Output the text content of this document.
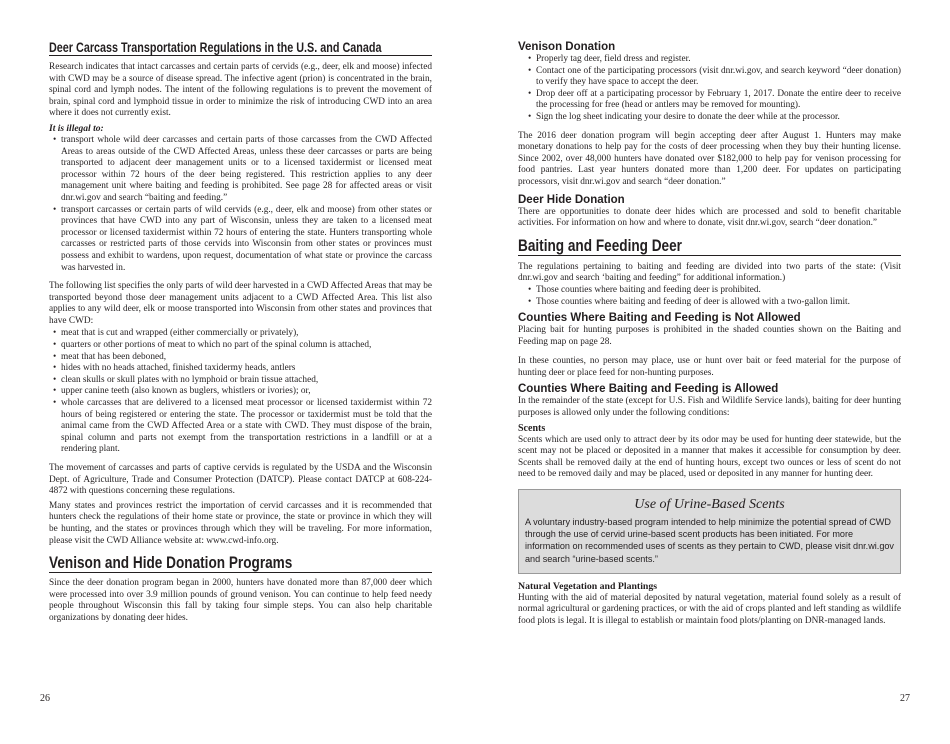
Deer Carcass Transportation Regulations in the U.S. and Canada

Research indicates that intact carcasses and certain parts of cervids (e.g., deer, elk and moose) infected with CWD may be a source of disease spread. The infective agent (prion) is concentrated in the brain, spinal cord and lymph nodes. The intent of the following regulations is to prevent the movement of brain, spinal cord and lymphoid tissue in order to minimize the risk of introducing CWD into an area where it does not currently exist.

It is illegal to:
• transport whole wild deer carcasses and certain parts of those carcasses from the CWD Affected Areas to areas outside of the CWD Affected Areas, unless these deer carcasses or parts are being transported to adjacent deer management units or to a licensed taxidermist or licensed meat processor within 72 hours of the deer being registered. This restriction applies to any deer management unit where baiting and feeding is prohibited. See page 28 for affected areas or visit dnr.wi.gov and search “baiting and feeding.”
• transport carcasses or certain parts of wild cervids (e.g., deer, elk and moose) from other states or provinces that have CWD into any part of Wisconsin, unless they are taken to a licensed meat processor or licensed taxidermist within 72 hours of entering the state. Hunters transporting whole carcasses or restricted parts of those cervids into Wisconsin from other states or provinces must possess and exhibit to wardens, upon request, documentation of what state or province the carcass was harvested in.

The following list specifies the only parts of wild deer harvested in a CWD Affected Areas that may be transported beyond those deer management units adjacent to a CWD Affected Area. This list also applies to any wild deer, elk or moose transported into Wisconsin from other states and provinces that have CWD:

• meat that is cut and wrapped (either commercially or privately),
• quarters or other portions of meat to which no part of the spinal column is attached,
• meat that has been deboned,
• hides with no heads attached, finished taxidermy heads, antlers
• clean skulls or skull plates with no lymphoid or brain tissue attached,
• upper canine teeth (also known as buglers, whistlers or ivories); or,
• whole carcasses that are delivered to a licensed meat processor or licensed taxidermist within 72 hours of being registered or entering the state. The processor or taxidermist must be told that the animal came from the CWD Affected Area or a state with CWD. They must dispose of the brain, spinal column and parts not exempt from the transportation restrictions in a landfill or at a rendering plant.

The movement of carcasses and parts of captive cervids is regulated by the USDA and the Wisconsin Dept. of Agriculture, Trade and Consumer Protection (DATCP). Please contact DATCP at 608-224-4872 with questions concerning these regulations.

Many states and provinces restrict the importation of cervid carcasses and it is recommended that hunters check the regulations of their home state or province, the state or province in which they will be hunting, and the states or provinces through which they will be traveling. For more information, please visit the CWD Alliance website at: www.cwd-info.org.

Venison and Hide Donation Programs

Since the deer donation program began in 2000, hunters have donated more than 87,000 deer which were processed into over 3.9 million pounds of ground venison. You can continue to help feed needy people throughout Wisconsin this fall by taking four simple steps. You can also help charitable organizations by donating deer hides.

26
Venison Donation
• Properly tag deer, field dress and register.
• Contact one of the participating processors (visit dnr.wi.gov, and search keyword “deer donation) to verify they have space to accept the deer.
• Drop deer off at a participating processor by February 1, 2017. Donate the entire deer to receive the processing for free (head or antlers may be removed for mounting).
• Sign the log sheet indicating your desire to donate the deer while at the processor.

The 2016 deer donation program will begin accepting deer after August 1. Hunters may make monetary donations to help pay for the costs of deer processing when they buy their hunting license. Since 2002, over 48,000 hunters have donated over $182,000 to help pay for venison processing for food pantries. Last year hunters donated more than 1,200 deer. For updates on participating processors, visit dnr.wi.gov and search “deer donation.”

Deer Hide Donation

There are opportunities to donate deer hides which are processed and sold to benefit charitable activities. For information on how and where to donate, visit dnr.wi.gov, search “deer donation.”

Baiting and Feeding Deer

The regulations pertaining to baiting and feeding are divided into two parts of the state: (Visit dnr.wi.gov and search ‘baiting and feeding” for additional information.)

• Those counties where baiting and feeding deer is prohibited.
• Those counties where baiting and feeding of deer is allowed with a two-gallon limit.
Counties Where Baiting and Feeding is Not Allowed

Placing bait for hunting purposes is prohibited in the shaded counties shown on the Baiting and Feeding map on page 28.

In these counties, no person may place, use or hunt over bait or feed material for the purpose of hunting deer or place feed for non-hunting purposes.

Counties Where Baiting and Feeding is Allowed

In the remainder of the state (except for U.S. Fish and Wildlife Service lands), baiting for deer hunting purposes is allowed only under the following conditions:

Scents

Scents which are used only to attract deer by its odor may be used for hunting deer statewide, but the scent may not be placed or deposited in a manner that makes it accessible for consumption by deer. Scents shall be removed daily at the end of hunting hours, except two ounces or less of scent do not need to be removed daily and may be placed, used or deposited in any manner for hunting deer.

Use of Urine-Based Scents

A voluntary industry-based program intended to help minimize the potential spread of CWD through the use of cervid urine-based scent products has been initiated. For more information on recommended uses of scents as they pertain to CWD, please visit dnr.wi.gov and search “urine-based scents.”

Natural Vegetation and Plantings

Hunting with the aid of material deposited by natural vegetation, material found solely as a result of normal agricultural or gardening practices, or with the aid of crops planted and left standing as wildlife food plots is legal. It is illegal to establish or maintain food plots/planting on DNR-managed lands.

27
